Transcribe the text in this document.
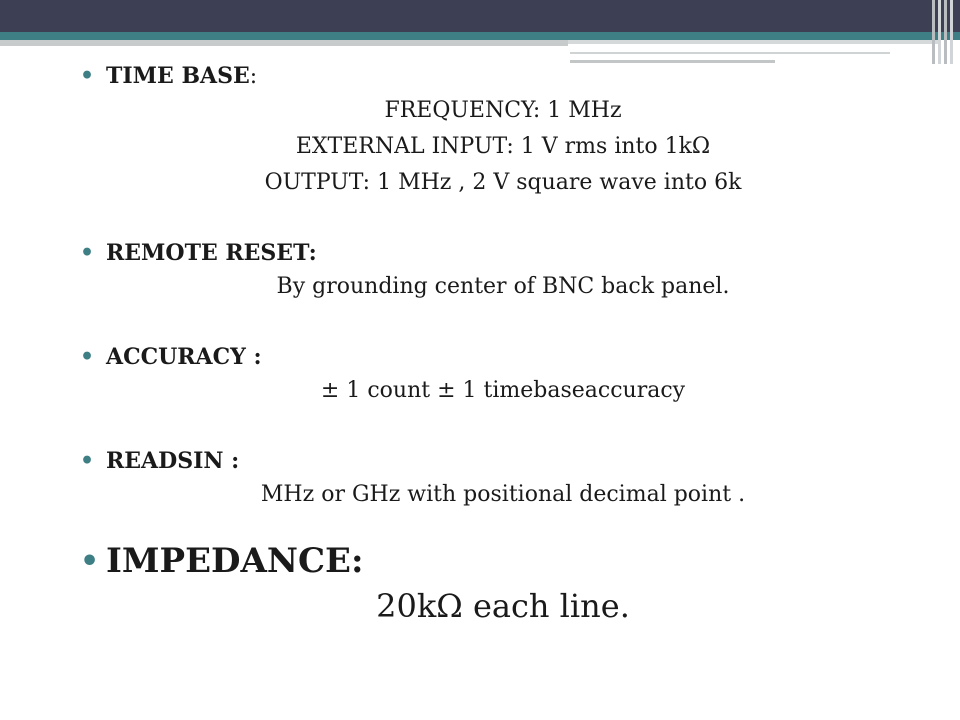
• TIME BASE:

FREQUENCY: 1 MHz

EXTERNAL INPUT: 1 V rms into 1kΩ

OUTPUT: 1 MHz , 2 V square wave into 6k

• REMOTE RESET:

By grounding center of BNC back panel.

• ACCURACY :

± 1 count ± 1 timebaseaccuracy

• READSIN :

MHz or GHz with positional decimal point .

• IMPEDANCE:

20kΩ each line.
